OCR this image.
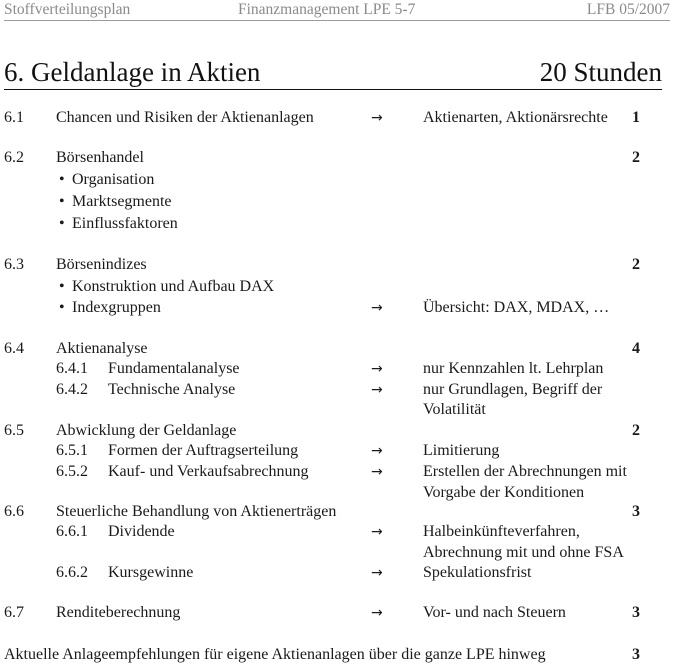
Stoffverteilungsplan	Finanzmanagement LPE 5-7	LFB 05/2007
6. Geldanlage in Aktien	20 Stunden
6.1 Chancen und Risiken der Aktienanlagen	→	Aktienarten, Aktionärsrechte 1
6.2 Börsenhandel	2
• Organisation
• Marktsegmente
• Einflussfaktoren
6.3 Börsenindizes	2
• Konstruktion und Aufbau DAX
• Indexgruppen	→	Übersicht: DAX, MDAX, …
6.4 Aktienanalyse	4
6.4.1 Fundamentalanalyse	→	nur Kennzahlen lt. Lehrplan
6.4.2 Technische Analyse	→	nur Grundlagen, Begriff der
Volatilität
6.5 Abwicklung der Geldanlage	2
6.5.1 Formen der Auftragserteilung	→	Limitierung
6.5.2 Kauf- und Verkaufsabrechnung	→	Erstellen der Abrechnungen mit
Vorgabe der Konditionen
6.6 Steuerliche Behandlung von Aktienerträgen	3
6.6.1 Dividende	→	Halbeinkünfteverfahren,
Abrechnung mit und ohne FSA
6.6.2 Kursgewinne	→	Spekulationsfrist
6.7 Renditeberechnung	→	Vor- und nach Steuern	3
Aktuelle Anlageempfehlungen für eigene Aktienanlagen über die ganze LPE hinweg	3
